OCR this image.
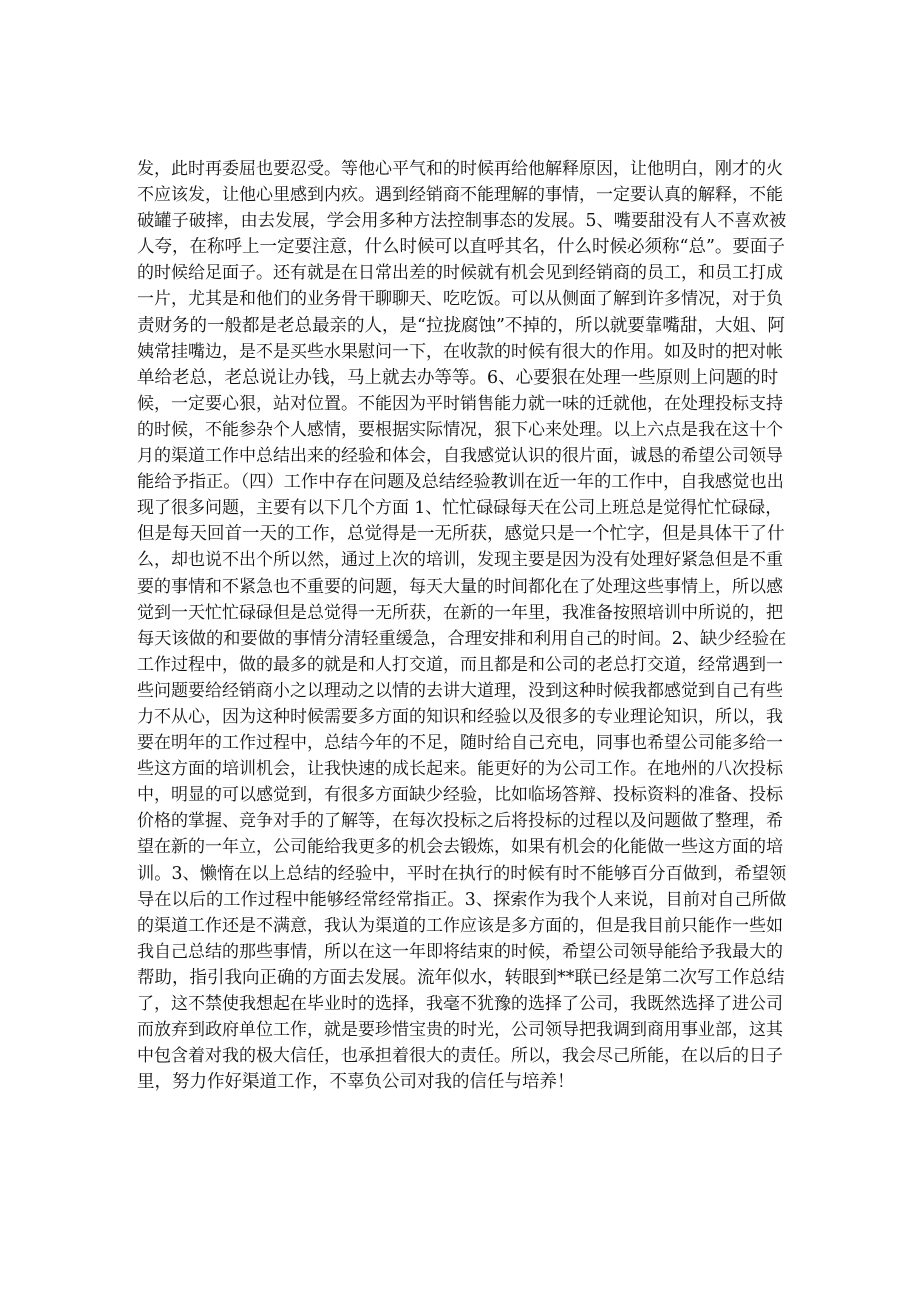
发，此时再委屈也要忍受。等他心平气和的时候再给他解释原因，让他明白，刚才的火
不应该发，让他心里感到内疚。遇到经销商不能理解的事情，一定要认真的解释，不能
破罐子破摔，由去发展，学会用多种方法控制事态的发展。5、嘴要甜没有人不喜欢被
人夸，在称呼上一定要注意，什么时候可以直呼其名，什么时候必须称“总”。要面子
的时候给足面子。还有就是在日常出差的时候就有机会见到经销商的员工，和员工打成
一片，尤其是和他们的业务骨干聊聊天、吃吃饭。可以从侧面了解到许多情况，对于负
责财务的一般都是老总最亲的人，是“拉拢腐蚀”不掉的，所以就要靠嘴甜，大姐、阿
姨常挂嘴边，是不是买些水果慰问一下，在收款的时候有很大的作用。如及时的把对帐
单给老总，老总说让办钱，马上就去办等等。6、心要狠在处理一些原则上问题的时
候，一定要心狠，站对位置。不能因为平时销售能力就一味的迁就他，在处理投标支持
的时候，不能参杂个人感情，要根据实际情况，狠下心来处理。以上六点是我在这十个
月的渠道工作中总结出来的经验和体会，自我感觉认识的很片面，诚恳的希望公司领导
能给予指正。（四）工作中存在问题及总结经验教训在近一年的工作中，自我感觉也出
现了很多问题，主要有以下几个方面 1、忙忙碌碌每天在公司上班总是觉得忙忙碌碌，
但是每天回首一天的工作，总觉得是一无所获，感觉只是一个忙字，但是具体干了什
么，却也说不出个所以然，通过上次的培训，发现主要是因为没有处理好紧急但是不重
要的事情和不紧急也不重要的问题，每天大量的时间都化在了处理这些事情上，所以感
觉到一天忙忙碌碌但是总觉得一无所获，在新的一年里，我准备按照培训中所说的，把
每天该做的和要做的事情分清轻重缓急，合理安排和利用自己的时间。2、缺少经验在
工作过程中，做的最多的就是和人打交道，而且都是和公司的老总打交道，经常遇到一
些问题要给经销商小之以理动之以情的去讲大道理，没到这种时候我都感觉到自己有些
力不从心，因为这种时候需要多方面的知识和经验以及很多的专业理论知识，所以，我
要在明年的工作过程中，总结今年的不足，随时给自己充电，同事也希望公司能多给一
些这方面的培训机会，让我快速的成长起来。能更好的为公司工作。在地州的八次投标
中，明显的可以感觉到，有很多方面缺少经验，比如临场答辩、投标资料的准备、投标
价格的掌握、竞争对手的了解等，在每次投标之后将投标的过程以及问题做了整理，希
望在新的一年立，公司能给我更多的机会去锻炼，如果有机会的化能做一些这方面的培
训。3、懒惰在以上总结的经验中，平时在执行的时候有时不能够百分百做到，希望领
导在以后的工作过程中能够经常经常指正。3、探索作为我个人来说，目前对自己所做
的渠道工作还是不满意，我认为渠道的工作应该是多方面的，但是我目前只能作一些如
我自己总结的那些事情，所以在这一年即将结束的时候，希望公司领导能给予我最大的
帮助，指引我向正确的方面去发展。流年似水，转眼到**联已经是第二次写工作总结
了，这不禁使我想起在毕业时的选择，我毫不犹豫的选择了公司，我既然选择了进公司
而放弃到政府单位工作，就是要珍惜宝贵的时光，公司领导把我调到商用事业部，这其
中包含着对我的极大信任，也承担着很大的责任。所以，我会尽己所能，在以后的日子
里，努力作好渠道工作，不辜负公司对我的信任与培养！
